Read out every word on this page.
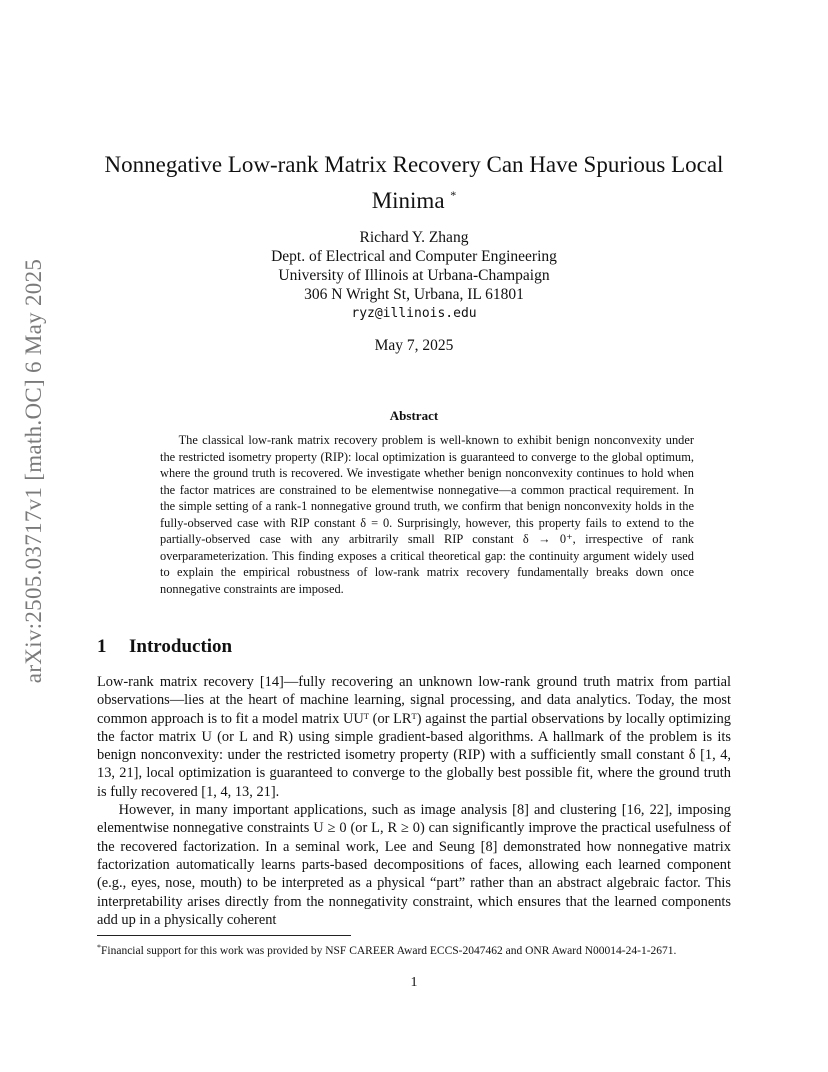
arXiv:2505.03717v1 [math.OC] 6 May 2025
Nonnegative Low-rank Matrix Recovery Can Have Spurious Local
Minima *
Richard Y. Zhang
Dept. of Electrical and Computer Engineering
University of Illinois at Urbana-Champaign
306 N Wright St, Urbana, IL 61801
ryz@illinois.edu
May 7, 2025
Abstract
The classical low-rank matrix recovery problem is well-known to exhibit benign nonconvexity under the restricted isometry property (RIP): local optimization is guaranteed to converge to the global optimum, where the ground truth is recovered. We investigate whether benign nonconvexity continues to hold when the factor matrices are constrained to be elementwise nonnegative—a common practical requirement. In the simple setting of a rank-1 nonnegative ground truth, we confirm that benign nonconvexity holds in the fully-observed case with RIP constant δ = 0. Surprisingly, however, this property fails to extend to the partially-observed case with any arbitrarily small RIP constant δ → 0⁺, irrespective of rank overparameterization. This finding exposes a critical theoretical gap: the continuity argument widely used to explain the empirical robustness of low-rank matrix recovery fundamentally breaks down once nonnegative constraints are imposed.
1 Introduction

Low-rank matrix recovery [14]—fully recovering an unknown low-rank ground truth matrix from partial observations—lies at the heart of machine learning, signal processing, and data analytics. Today, the most common approach is to fit a model matrix UUᵀ (or LRᵀ) against the partial observations by locally optimizing the factor matrix U (or L and R) using simple gradient-based algorithms. A hallmark of the problem is its benign nonconvexity: under the restricted isometry property (RIP) with a sufficiently small constant δ [1, 4, 13, 21], local optimization is guaranteed to converge to the globally best possible fit, where the ground truth is fully recovered [1, 4, 13, 21].

However, in many important applications, such as image analysis [8] and clustering [16, 22], imposing elementwise nonnegative constraints U ≥ 0 (or L, R ≥ 0) can significantly improve the practical usefulness of the recovered factorization. In a seminal work, Lee and Seung [8] demonstrated how nonnegative matrix factorization automatically learns parts-based decompositions of faces, allowing each learned component (e.g., eyes, nose, mouth) to be interpreted as a physical “part” rather than an abstract algebraic factor. This interpretability arises directly from the nonnegativity constraint, which ensures that the learned components add up in a physically coherent

*Financial support for this work was provided by NSF CAREER Award ECCS-2047462 and ONR Award N00014-24-1-2671.
1
